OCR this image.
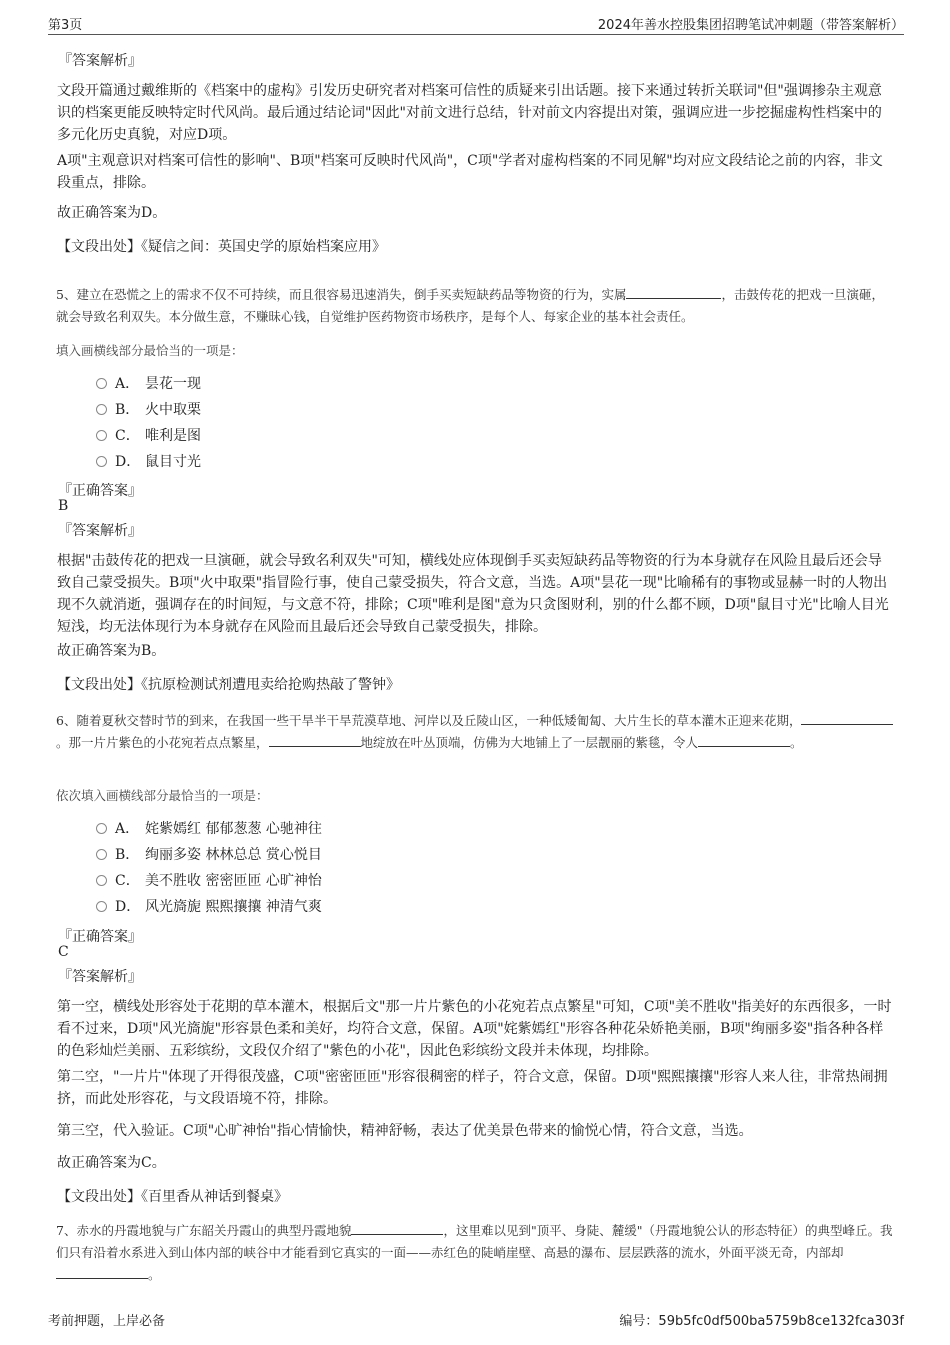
第3页	2024年善水控股集团招聘笔试冲刺题（带答案解析）
『答案解析』
文段开篇通过戴维斯的《档案中的虚构》引发历史研究者对档案可信性的质疑来引出话题。接下来通过转折关联词"但"强调掺杂主观意识的档案更能反映特定时代风尚。最后通过结论词"因此"对前文进行总结，针对前文内容提出对策，强调应进一步挖掘虚构性档案中的多元化历史真貌，对应D项。
A项"主观意识对档案可信性的影响"、B项"档案可反映时代风尚"，C项"学者对虚构档案的不同见解"均对应文段结论之前的内容，非文段重点，排除。
故正确答案为D。
【文段出处】《疑信之间：英国史学的原始档案应用》
5、建立在恐慌之上的需求不仅不可持续，而且很容易迅速消失，倒手买卖短缺药品等物资的行为，实属	，击鼓传花的把戏一旦演砸，就会导致名利双失。本分做生意，不赚昧心钱，自觉维护医药物资市场秩序，是每个人、每家企业的基本社会责任。
填入画横线部分最恰当的一项是：
A． 昙花一现
B． 火中取栗
C． 唯利是图
D． 鼠目寸光
『正确答案』
B
『答案解析』
根据"击鼓传花的把戏一旦演砸，就会导致名利双失"可知，横线处应体现倒手买卖短缺药品等物资的行为本身就存在风险且最后还会导致自己蒙受损失。B项"火中取栗"指冒险行事，使自己蒙受损失，符合文意，当选。A项"昙花一现"比喻稀有的事物或显赫一时的人物出现不久就消逝，强调存在的时间短，与文意不符，排除；C项"唯利是图"意为只贪图财利，别的什么都不顾，D项"鼠目寸光"比喻人目光短浅，均无法体现行为本身就存在风险而且最后还会导致自己蒙受损失，排除。
故正确答案为B。
【文段出处】《抗原检测试剂遭甩卖给抢购热敲了警钟》
6、随着夏秋交替时节的到来，在我国一些干旱半干旱荒漠草地、河岸以及丘陵山区，一种低矮匍匐、大片生长的草本灌木正迎来花期，。那一片片紫色的小花宛若点点繁星，	地绽放在叶丛顶端，仿佛为大地铺上了一层靓丽的紫毯，令人	。
依次填入画横线部分最恰当的一项是：
A． 姹紫嫣红 郁郁葱葱 心驰神往
B． 绚丽多姿 林林总总 赏心悦目
C． 美不胜收 密密匝匝 心旷神怡
D． 风光旖旎 熙熙攘攘 神清气爽
『正确答案』
C
『答案解析』
第一空，横线处形容处于花期的草本灌木，根据后文"那一片片紫色的小花宛若点点繁星"可知，C项"美不胜收"指美好的东西很多，一时看不过来，D项"风光旖旎"形容景色柔和美好，均符合文意，保留。A项"姹紫嫣红"形容各种花朵娇艳美丽，B项"绚丽多姿"指各种各样的色彩灿烂美丽、五彩缤纷，文段仅介绍了"紫色的小花"，因此色彩缤纷文段并未体现，均排除。
第二空，"一片片"体现了开得很茂盛，C项"密密匝匝"形容很稠密的样子，符合文意，保留。D项"熙熙攘攘"形容人来人往，非常热闹拥挤，而此处形容花，与文段语境不符，排除。
第三空，代入验证。C项"心旷神怡"指心情愉快，精神舒畅，表达了优美景色带来的愉悦心情，符合文意，当选。
故正确答案为C。
【文段出处】《百里香从神话到餐桌》
7、赤水的丹霞地貌与广东韶关丹霞山的典型丹霞地貌	，这里难以见到"顶平、身陡、麓缓"（丹霞地貌公认的形态特征）的典型峰丘。我们只有沿着水系进入到山体内部的峡谷中才能看到它真实的一面——赤红色的陡峭崖壁、高悬的瀑布、层层跌落的流水，外面平淡无奇，内部却。
考前押题，上岸必备	编号：59b5fc0df500ba5759b8ce132fca303f
